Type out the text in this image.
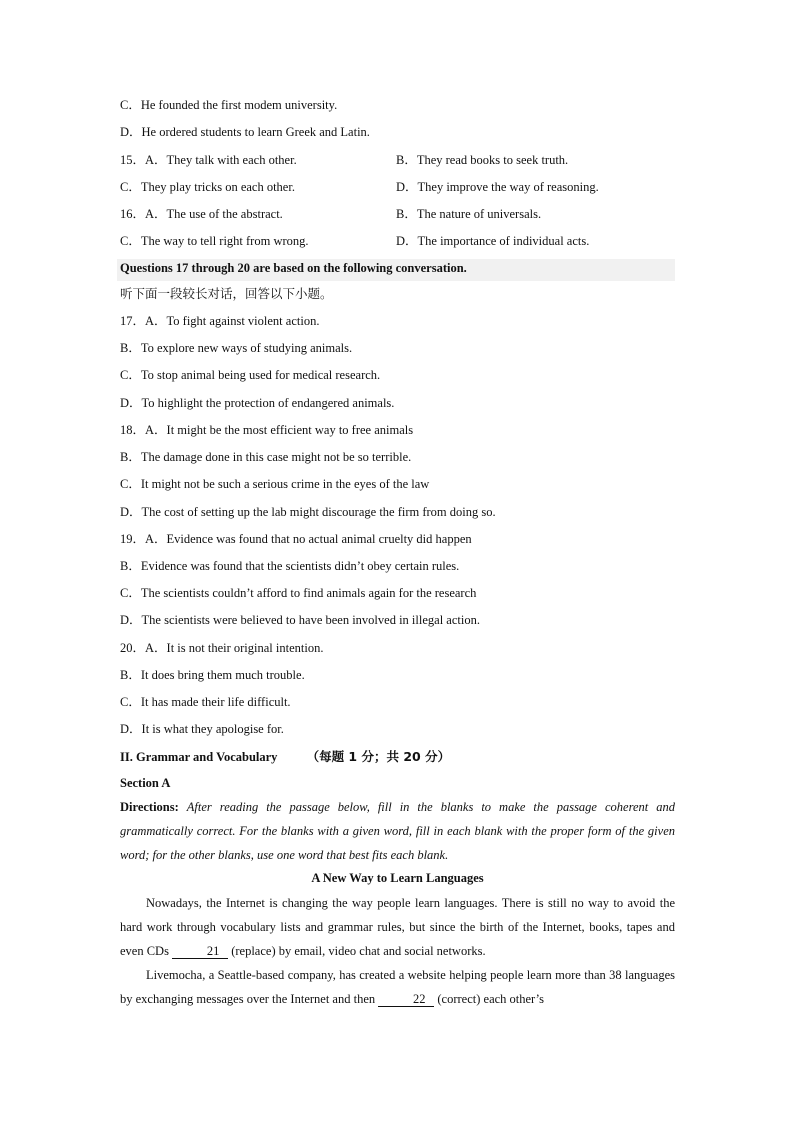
C．He founded the first modem university.
D．He ordered students to learn Greek and Latin.
15．A．They talk with each other.	B．They read books to seek truth.
C．They play tricks on each other.	D．They improve the way of reasoning.
16．A．The use of the abstract.	B．The nature of universals.
C．The way to tell right from wrong.	D．The importance of individual acts.
Questions 17 through 20 are based on the following conversation.
听下面一段较长对话，回答以下小题。
17．A．To fight against violent action.
B．To explore new ways of studying animals.
C．To stop animal being used for medical research.
D．To highlight the protection of endangered animals.
18．A．It might be the most efficient way to free animals
B．The damage done in this case might not be so terrible.
C．It might not be such a serious crime in the eyes of the law
D．The cost of setting up the lab might discourage the firm from doing so.
19．A．Evidence was found that no actual animal cruelty did happen
B．Evidence was found that the scientists didn’t obey certain rules.
C．The scientists couldn’t afford to find animals again for the research
D．The scientists were believed to have been involved in illegal action.
20．A．It is not their original intention.
B．It does bring them much trouble.
C．It has made their life difficult.
D．It is what they apologise for.
II. Grammar and Vocabulary （每题 1 分；共 20 分）
Section A
Directions: After reading the passage below, fill in the blanks to make the passage coherent and grammatically correct. For the blanks with a given word, fill in each blank with the proper form of the given word; for the other blanks, use one word that best fits each blank.
A New Way to Learn Languages
Nowadays, the Internet is changing the way people learn languages. There is still no way to avoid the hard work through vocabulary lists and grammar rules, but since the birth of the Internet, books, tapes and even CDs	21 (replace) by email, video chat and social networks.
Livemocha, a Seattle-based company, has created a website helping people learn more than 38 languages by exchanging messages over the Internet and then	22 (correct) each other’s
